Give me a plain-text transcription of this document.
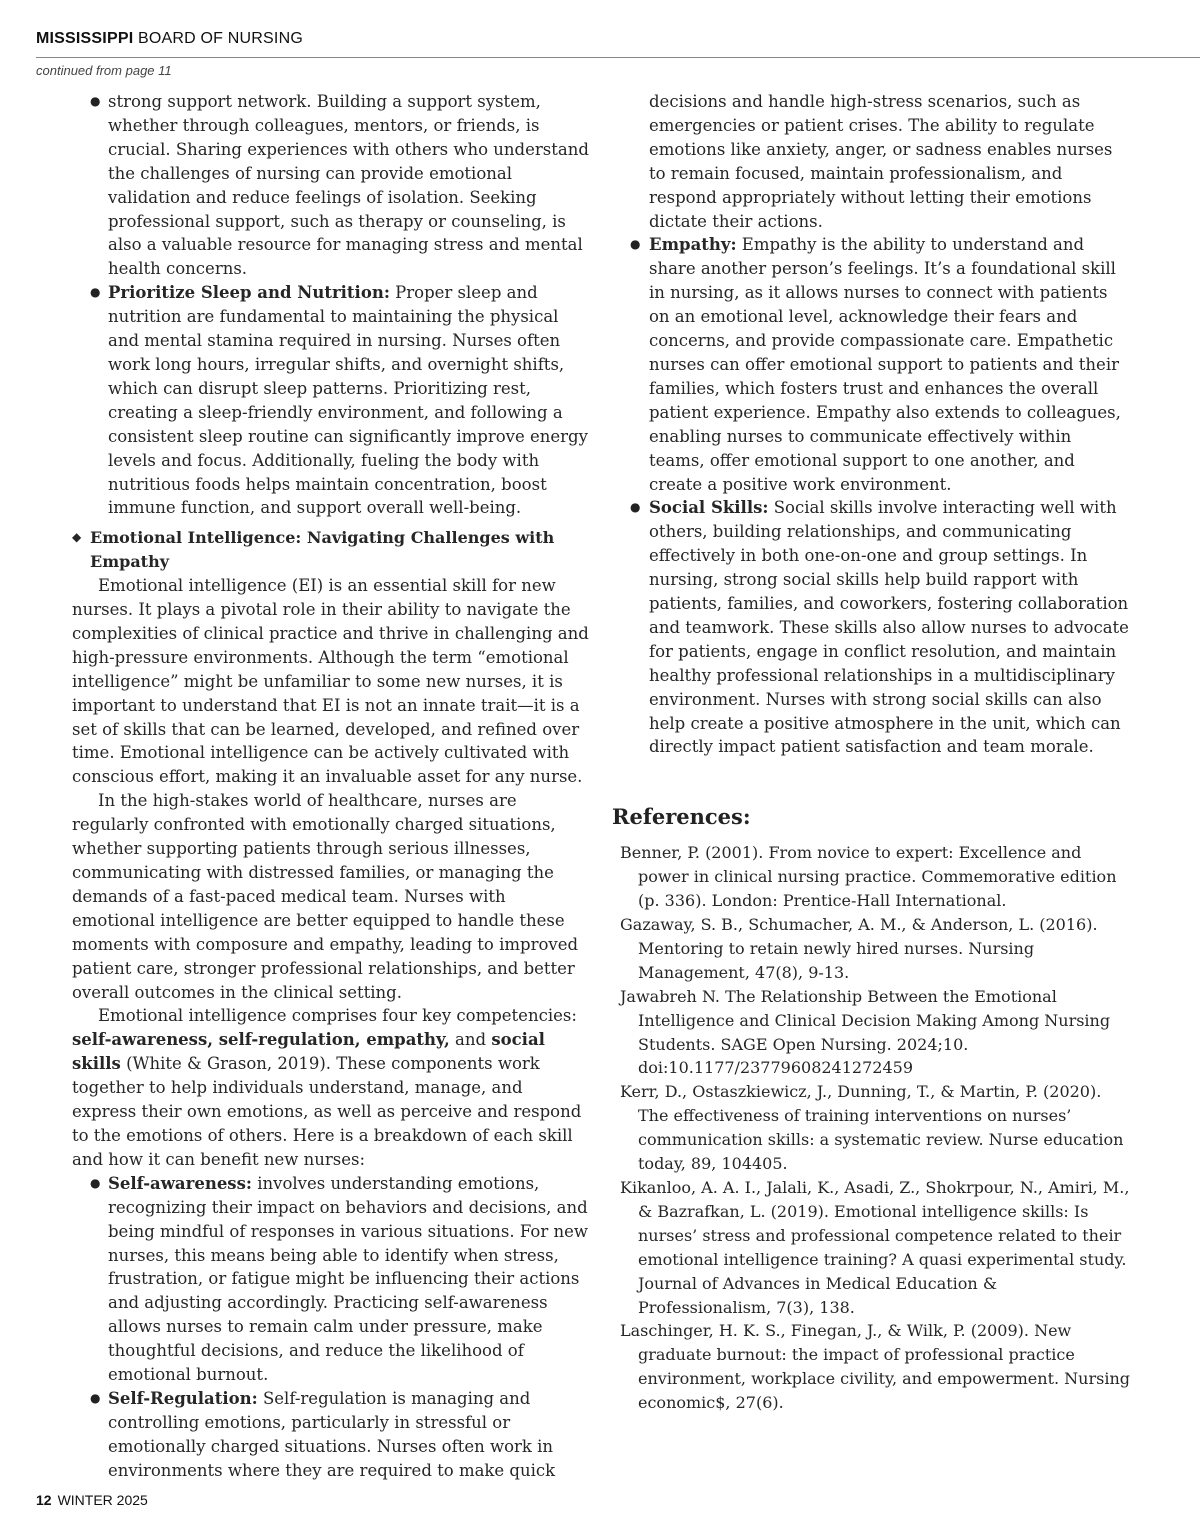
MISSISSIPPI BOARD OF NURSING
continued from page 11
● strong support network. Building a support system, whether through colleagues, mentors, or friends, is crucial. Sharing experiences with others who understand the challenges of nursing can provide emotional validation and reduce feelings of isolation. Seeking professional support, such as therapy or counseling, is also a valuable resource for managing stress and mental health concerns.
● Prioritize Sleep and Nutrition: Proper sleep and nutrition are fundamental to maintaining the physical and mental stamina required in nursing. Nurses often work long hours, irregular shifts, and overnight shifts, which can disrupt sleep patterns. Prioritizing rest, creating a sleep-friendly environment, and following a consistent sleep routine can significantly improve energy levels and focus. Additionally, fueling the body with nutritious foods helps maintain concentration, boost immune function, and support overall well-being.
◆ Emotional Intelligence: Navigating Challenges with Empathy

Emotional intelligence (EI) is an essential skill for new nurses. It plays a pivotal role in their ability to navigate the complexities of clinical practice and thrive in challenging and high-pressure environments. Although the term “emotional intelligence” might be unfamiliar to some new nurses, it is important to understand that EI is not an innate trait—it is a set of skills that can be learned, developed, and refined over time. Emotional intelligence can be actively cultivated with conscious effort, making it an invaluable asset for any nurse.

In the high-stakes world of healthcare, nurses are regularly confronted with emotionally charged situations, whether supporting patients through serious illnesses, communicating with distressed families, or managing the demands of a fast-paced medical team. Nurses with emotional intelligence are better equipped to handle these moments with composure and empathy, leading to improved patient care, stronger professional relationships, and better overall outcomes in the clinical setting.

Emotional intelligence comprises four key competencies: self-awareness, self-regulation, empathy, and social skills (White & Grason, 2019). These components work together to help individuals understand, manage, and express their own emotions, as well as perceive and respond to the emotions of others. Here is a breakdown of each skill and how it can benefit new nurses:

● Self-awareness: involves understanding emotions, recognizing their impact on behaviors and decisions, and being mindful of responses in various situations. For new nurses, this means being able to identify when stress, frustration, or fatigue might be influencing their actions and adjusting accordingly. Practicing self-awareness allows nurses to remain calm under pressure, make thoughtful decisions, and reduce the likelihood of emotional burnout.
● Self-Regulation: Self-regulation is managing and controlling emotions, particularly in stressful or emotionally charged situations. Nurses often work in environments where they are required to make quick
decisions and handle high-stress scenarios, such as emergencies or patient crises. The ability to regulate emotions like anxiety, anger, or sadness enables nurses to remain focused, maintain professionalism, and respond appropriately without letting their emotions dictate their actions.
● Empathy: Empathy is the ability to understand and share another person’s feelings. It’s a foundational skill in nursing, as it allows nurses to connect with patients on an emotional level, acknowledge their fears and concerns, and provide compassionate care. Empathetic nurses can offer emotional support to patients and their families, which fosters trust and enhances the overall patient experience. Empathy also extends to colleagues, enabling nurses to communicate effectively within teams, offer emotional support to one another, and create a positive work environment.
● Social Skills: Social skills involve interacting well with others, building relationships, and communicating effectively in both one-on-one and group settings. In nursing, strong social skills help build rapport with patients, families, and coworkers, fostering collaboration and teamwork. These skills also allow nurses to advocate for patients, engage in conflict resolution, and maintain healthy professional relationships in a multidisciplinary environment. Nurses with strong social skills can also help create a positive atmosphere in the unit, which can directly impact patient satisfaction and team morale.
References:

Benner, P. (2001). From novice to expert: Excellence and power in clinical nursing practice. Commemorative edition (p. 336). London: Prentice-Hall International.

Gazaway, S. B., Schumacher, A. M., & Anderson, L. (2016). Mentoring to retain newly hired nurses. Nursing Management, 47(8), 9-13.

Jawabreh N. The Relationship Between the Emotional Intelligence and Clinical Decision Making Among Nursing Students. SAGE Open Nursing. 2024;10. doi:10.1177/23779608241272459

Kerr, D., Ostaszkiewicz, J., Dunning, T., & Martin, P. (2020). The effectiveness of training interventions on nurses’ communication skills: a systematic review. Nurse education today, 89, 104405.

Kikanloo, A. A. I., Jalali, K., Asadi, Z., Shokrpour, N., Amiri, M., & Bazrafkan, L. (2019). Emotional intelligence skills: Is nurses’ stress and professional competence related to their emotional intelligence training? A quasi experimental study. Journal of Advances in Medical Education & Professionalism, 7(3), 138.

Laschinger, H. K. S., Finegan, J., & Wilk, P. (2009). New graduate burnout: the impact of professional practice environment, workplace civility, and empowerment. Nursing economic$, 27(6).

12 WINTER 2025
